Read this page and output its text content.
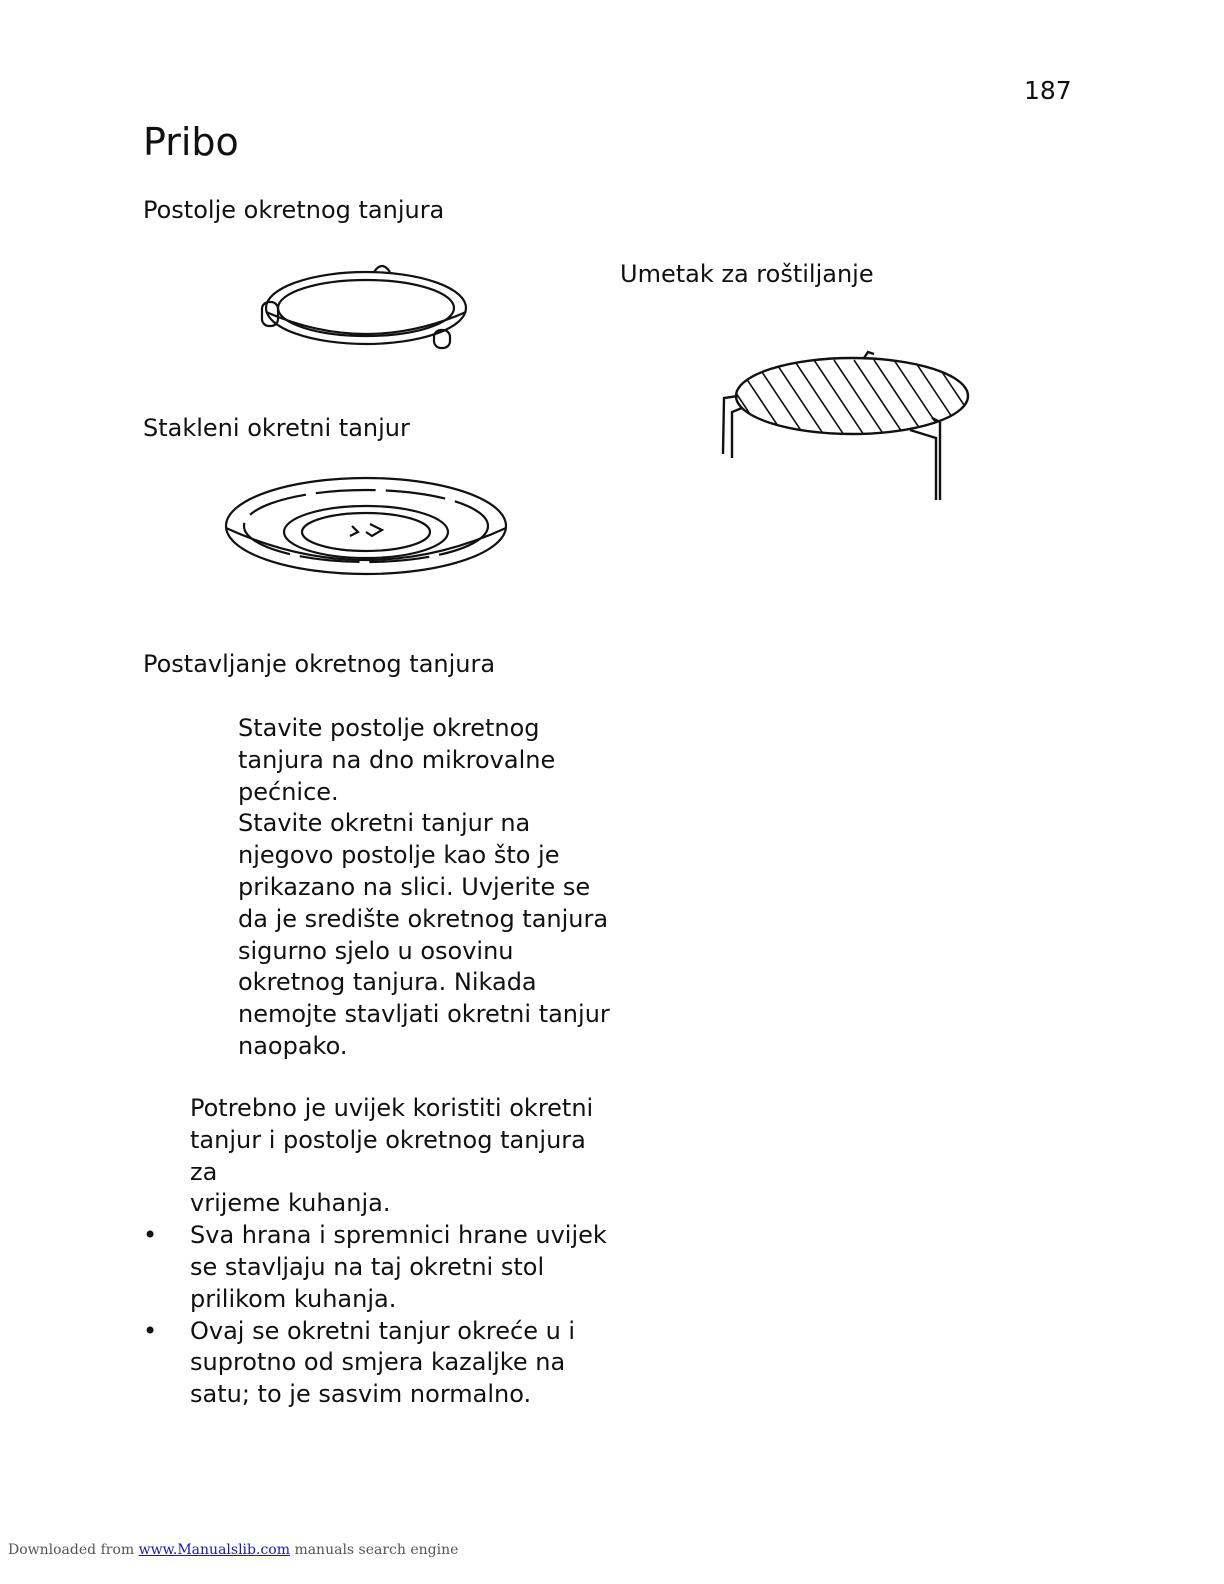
187
Pribo
Postolje okretnog tanjura
Umetak za roštiljanje
Stakleni okretni tanjur
Postavljanje okretnog tanjura
Stavite postolje okretnog
tanjura na dno mikrovalne
pećnice.
Stavite okretni tanjur na
njegovo postolje kao što je
prikazano na slici. Uvjerite se
da je središte okretnog tanjura
sigurno sjelo u osovinu
okretnog tanjura. Nikada
nemojte stavljati okretni tanjur
naopako.
Potrebno je uvijek koristiti okretni
tanjur i postolje okretnog tanjura za
vrijeme kuhanja.
• Sva hrana i spremnici hrane uvijek
se stavljaju na taj okretni stol
prilikom kuhanja.
• Ovaj se okretni tanjur okreće u i
suprotno od smjera kazaljke na
satu; to je sasvim normalno.
Downloaded from www.Manualslib.com manuals search engine
